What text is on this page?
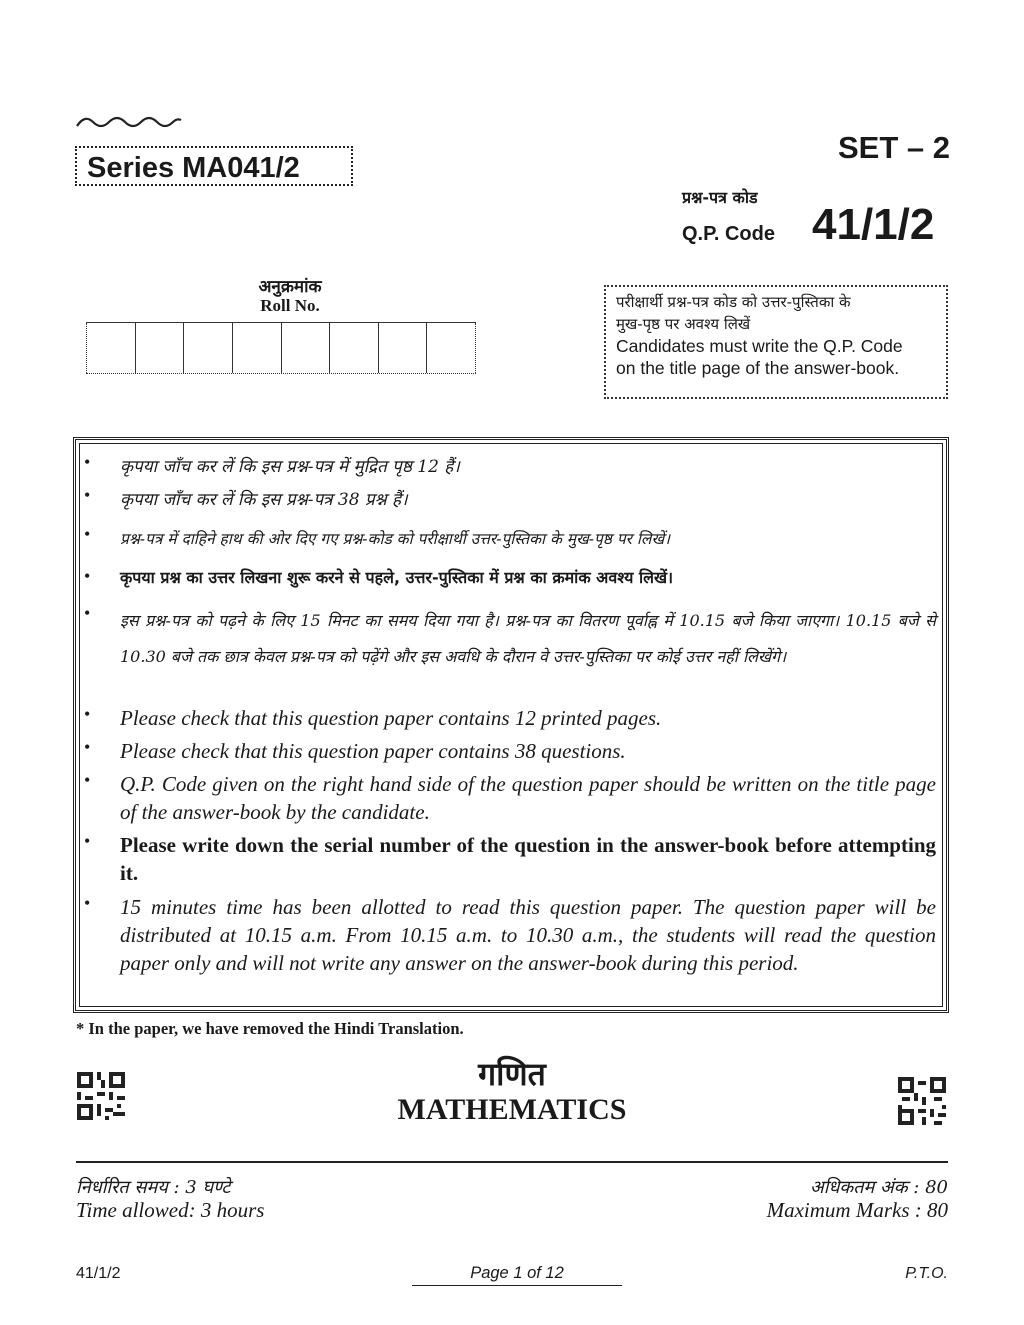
Series MA041/2
SET – 2
प्रश्न-पत्र कोड
Q.P. Code 41/1/2
अनुक्रमांक
Roll No.	परीक्षार्थी प्रश्न-पत्र कोड को उत्तर-पुस्तिका के
मुख-पृष्ठ पर अवश्य लिखें
Candidates must write the Q.P. Code
on the title page of the answer-book.
• कृपया जाँच कर लें कि इस प्रश्न-पत्र में मुद्रित पृष्ठ 12 हैं।
• कृपया जाँच कर लें कि इस प्रश्न-पत्र 38 प्रश्न हैं।
• प्रश्न-पत्र में दाहिने हाथ की ओर दिए गए प्रश्न-कोड को परीक्षार्थी उत्तर-पुस्तिका के मुख-पृष्ठ पर लिखें।
• कृपया प्रश्न का उत्तर लिखना शुरू करने से पहले, उत्तर-पुस्तिका में प्रश्न का क्रमांक अवश्य लिखें।
• इस प्रश्न-पत्र को पढ़ने के लिए 15 मिनट का समय दिया गया है। प्रश्न-पत्र का वितरण पूर्वाह्न में 10.15 बजे किया जाएगा। 10.15 बजे से 10.30 बजे तक छात्र केवल प्रश्न-पत्र को पढ़ेंगे और इस अवधि के दौरान वे उत्तर-पुस्तिका पर कोई उत्तर नहीं लिखेंगे।
• Please check that this question paper contains 12 printed pages.
• Please check that this question paper contains 38 questions.
• Q.P. Code given on the right hand side of the question paper should be written on the title page of the answer-book by the candidate.
• Please write down the serial number of the question in the answer-book before attempting it.
• 15 minutes time has been allotted to read this question paper. The question paper will be distributed at 10.15 a.m. From 10.15 a.m. to 10.30 a.m., the students will read the question paper only and will not write any answer on the answer-book during this period.
* In the paper, we have removed the Hindi Translation.
गणित
MATHEMATICS
निर्धारित समय : 3 घण्टे
Time allowed: 3 hours
अधिकतम अंक : 80
Maximum Marks : 80
41/1/2	Page 1 of 12	P.T.O.
